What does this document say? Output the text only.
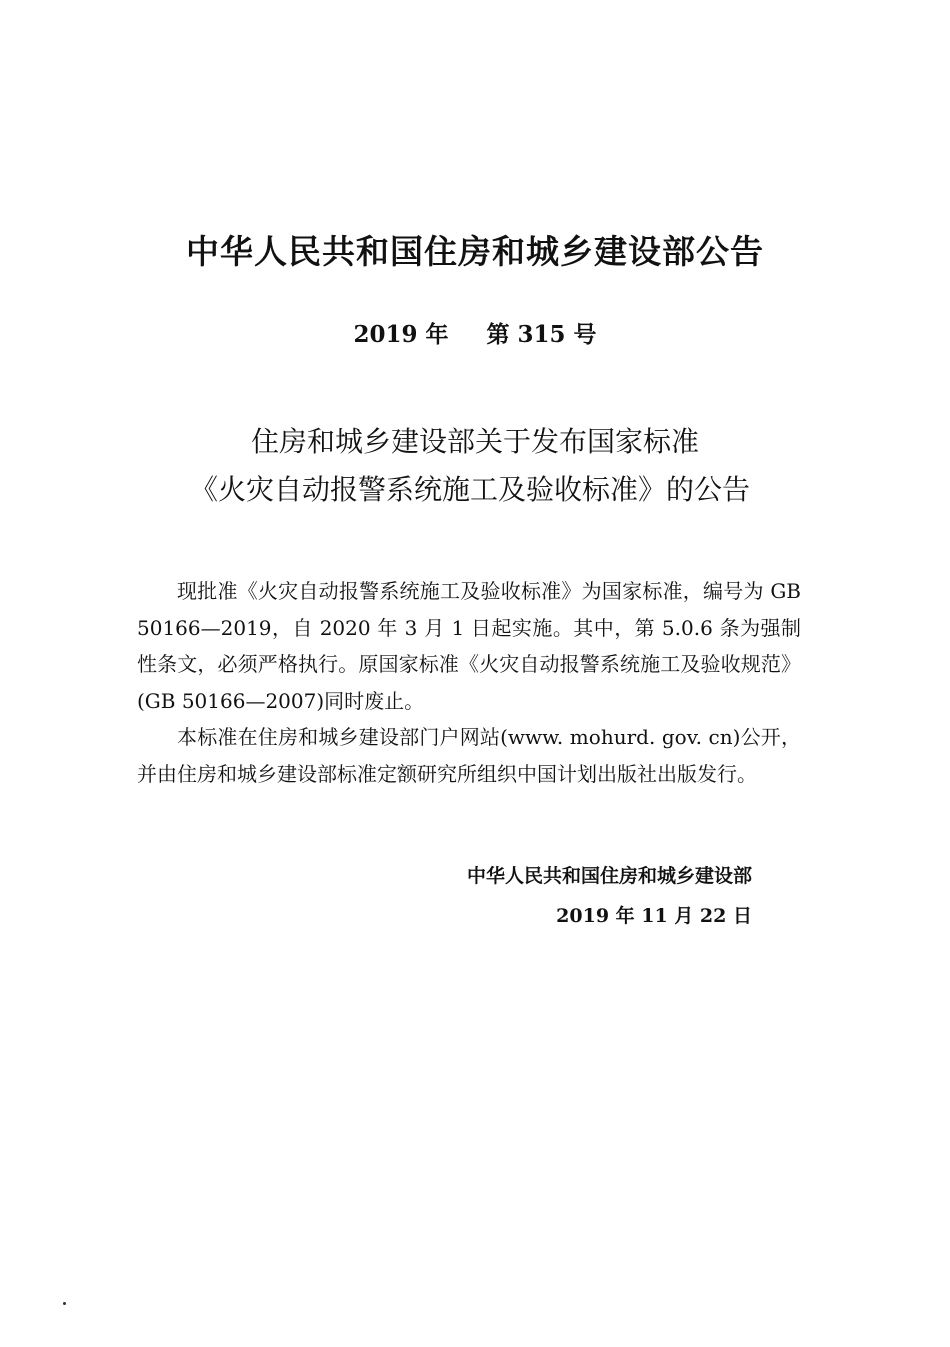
中华人民共和国住房和城乡建设部公告
2019 年 第 315 号
住房和城乡建设部关于发布国家标准
《火灾自动报警系统施工及验收标准》的公告

现批准《火灾自动报警系统施工及验收标准》为国家标准，编号为 GB 50166—2019，自 2020 年 3 月 1 日起实施。其中，第 5.0.6 条为强制性条文，必须严格执行。原国家标准《火灾自动报警系统施工及验收规范》(GB 50166—2007)同时废止。

本标准在住房和城乡建设部门户网站(www. mohurd. gov. cn)公开，并由住房和城乡建设部标准定额研究所组织中国计划出版社出版发行。

中华人民共和国住房和城乡建设部
2019 年 11 月 22 日
